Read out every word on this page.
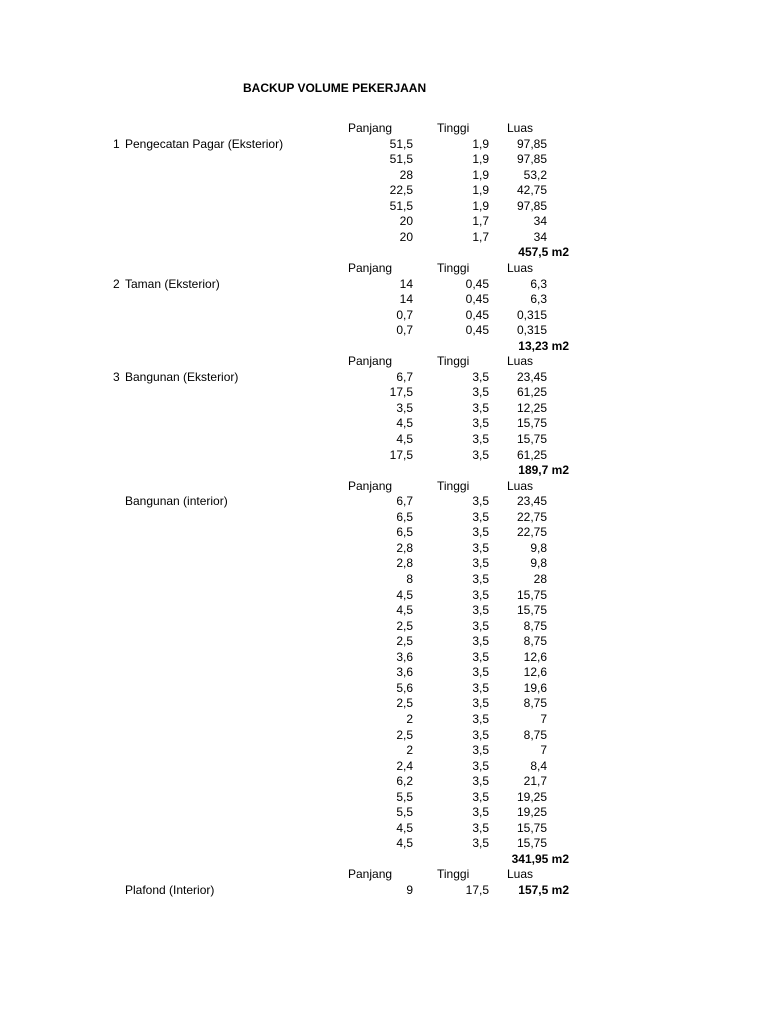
BACKUP VOLUME PEKERJAAN
Panjang	Tinggi	Luas
1 Pengecatan Pagar (Eksterior)	51,5	1,9 97,85
51,5	1,9 97,85
28	1,9	53,2
22,5	1,9 42,75
51,5	1,9 97,85
20	1,7	34
20	1,7	34
457,5 m2
Panjang	Tinggi	Luas
2 Taman (Eksterior)	14	0,45	6,3
14	0,45	6,3
0,7	0,45 0,315
0,7	0,45 0,315
13,23 m2
Panjang	Tinggi	Luas
3 Bangunan (Eksterior)	6,7	3,5 23,45
17,5	3,5 61,25
3,5	3,5 12,25
4,5	3,5 15,75
4,5	3,5 15,75
17,5	3,5 61,25
189,7 m2
Panjang	Tinggi	Luas
Bangunan (interior)	6,7	3,5 23,45
6,5	3,5 22,75
6,5	3,5 22,75
2,8	3,5	9,8
2,8	3,5	9,8
8	3,5	28
4,5	3,5 15,75
4,5	3,5 15,75
2,5	3,5	8,75
2,5	3,5	8,75
3,6	3,5	12,6
3,6	3,5	12,6
5,6	3,5	19,6
2,5	3,5	8,75
2	3,5	7
2,5	3,5	8,75
2	3,5	7
2,4	3,5	8,4
6,2	3,5	21,7
5,5	3,5 19,25
5,5	3,5 19,25
4,5	3,5 15,75
4,5	3,5 15,75
341,95 m2
Panjang	Tinggi	Luas
Plafond (Interior)	9	17,5 157,5 m2
